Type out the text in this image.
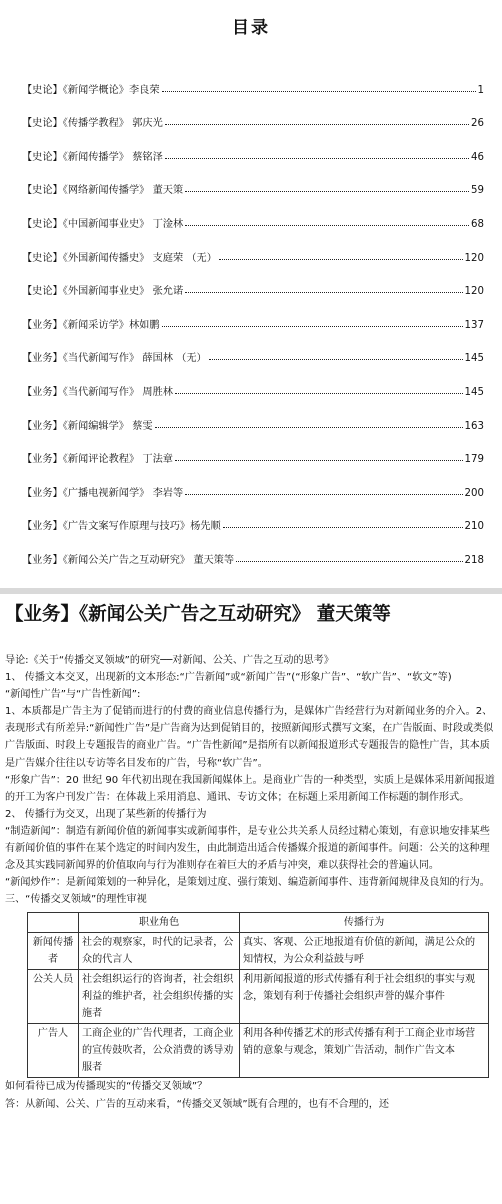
目录
【史论】《新闻学概论》李良荣	1
【史论】《传播学教程》 郭庆光	26
【史论】《新闻传播学》 蔡铭泽	46
【史论】《网络新闻传播学》 董天策	59
【史论】《中国新闻事业史》 丁淦林	68
【史论】《外国新闻传播史》 支庭荣 （无）	120
【史论】《外国新闻事业史》 张允诺	120
【业务】《新闻采访学》林如鹏	137
【业务】《当代新闻写作》 薛国林 （无）	145
【业务】《当代新闻写作》 周胜林	145
【业务】《新闻编辑学》 蔡雯	163
【业务】《新闻评论教程》 丁法章	179
【业务】《广播电视新闻学》 李岩等	200
【业务】《广告文案写作原理与技巧》杨先顺	210
【业务】《新闻公关广告之互动研究》 董天策等	218
【业务】《新闻公关广告之互动研究》 董天策等

导论:《关于“传播交叉领域”的研究──对新闻、公关、广告之互动的思考》

1、 传播文本交叉，出现新的文本形态:“广告新闻”或“新闻广告”(“形象广告”、“软广告”、“软文”等)

“新闻性广告”与“广告性新闻”:

1、本质都是广告主为了促销而进行的付费的商业信息传播行为，是媒体广告经营行为对新闻业务的介入。2、表现形式有所差异:“新闻性广告”是广告商为达到促销目的，按照新闻形式撰写文案，在广告版面、时段或类似广告版面、时段上专题报告的商业广告。“广告性新闻”是指所有以新闻报道形式专题报告的隐性广告，其本质是广告媒介往往以专访等名目发布的广告，号称“软广告”。

“形象广告”：20 世纪 90 年代初出现在我国新闻媒体上。是商业广告的一种类型，实质上是媒体采用新闻报道的开工为客户刊发广告：在体裁上采用消息、通讯、专访文体；在标题上采用新闻工作标题的制作形式。

2、 传播行为交叉，出现了某些新的传播行为

“制造新闻”：制造有新闻价值的新闻事实或新闻事件，是专业公共关系人员经过精心策划，有意识地安排某些有新闻价值的事件在某个选定的时间内发生，由此制造出适合传播媒介报道的新闻事件。问题：公关的这种理念及其实践同新闻界的价值取向与行为准则存在着巨大的矛盾与冲突，难以获得社会的普遍认同。

“新闻炒作”：是新闻策划的一种异化，是策划过度、强行策划、编造新闻事件、违背新闻规律及良知的行为。

三、“传播交叉领域”的理性审视

	职业角色	传播行为
新闻传播者	社会的观察家，时代的记录者，公众的代言人	真实、客观、公正地报道有价值的新闻，满足公众的知情权，为公众利益鼓与呼
公关人员	社会组织运行的咨询者，社会组织利益的维护者，社会组织传播的实施者	利用新闻报道的形式传播有利于社会组织的事实与观念，策划有利于传播社会组织声誉的媒介事件
广告人	工商企业的广告代理者，工商企业的宣传鼓吹者，公众消费的诱导劝服者	利用各种传播艺术的形式传播有利于工商企业市场营销的意象与观念，策划广告活动，制作广告文本

如何看待已成为传播现实的“传播交叉领域”？

答：从新闻、公关、广告的互动来看，“传播交叉领域”既有合理的，也有不合理的，还
